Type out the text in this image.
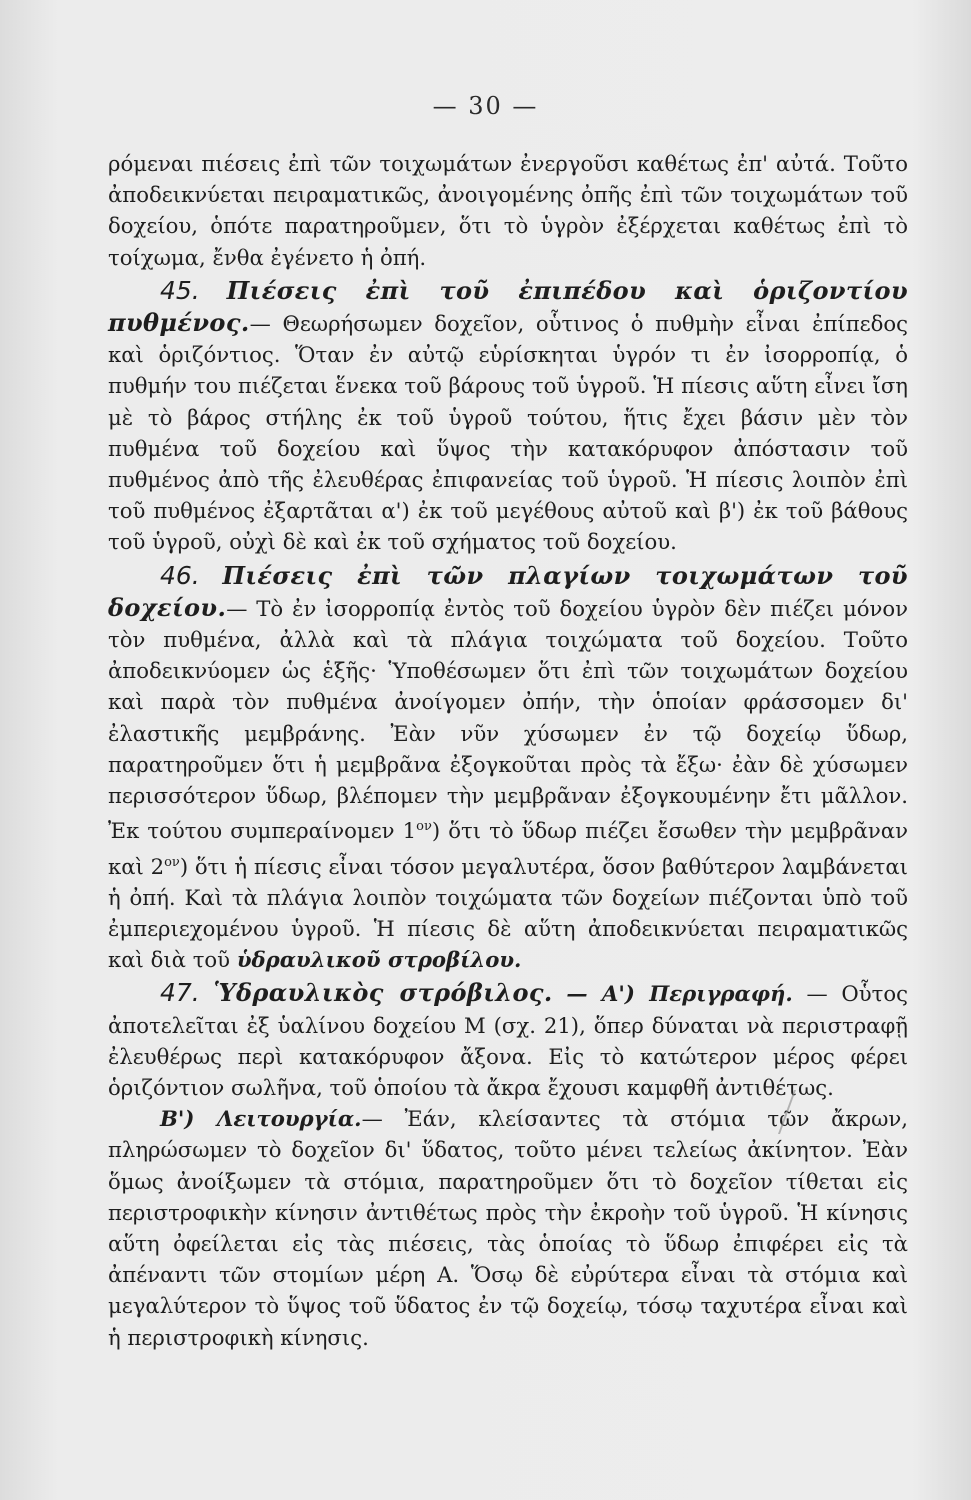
— 30 —

ρόμεναι πιέσεις ἐπὶ τῶν τοιχωμάτων ἐνεργοῦσι καθέτως ἐπ' αὐτά. Τοῦτο ἀποδεικνύεται πειραματικῶς, ἀνοιγομένης ὀπῆς ἐπὶ τῶν τοιχωμάτων τοῦ δοχείου, ὁπότε παρατηροῦμεν, ὅτι τὸ ὑγρὸν ἐξέρχεται καθέτως ἐπὶ τὸ τοίχωμα, ἔνθα ἐγένετο ἡ ὀπή.

45. Πιέσεις ἐπὶ τοῦ ἐπιπέδου καὶ ὁριζοντίου πυθμένος.— Θεωρήσωμεν δοχεῖον, οὗτινος ὁ πυθμὴν εἶναι ἐπίπεδος καὶ ὁριζόντιος. Ὅταν ἐν αὐτῷ εὑρίσκηται ὑγρόν τι ἐν ἰσορροπίᾳ, ὁ πυθμήν του πιέζεται ἕνεκα τοῦ βάρους τοῦ ὑγροῦ. Ἡ πίεσις αὕτη εἶνει ἴση μὲ τὸ βάρος στήλης ἐκ τοῦ ὑγροῦ τούτου, ἥτις ἔχει βάσιν μὲν τὸν πυθμένα τοῦ δοχείου καὶ ὕψος τὴν κατακόρυφον ἀπόστασιν τοῦ πυθμένος ἀπὸ τῆς ἐλευθέρας ἐπιφανείας τοῦ ὑγροῦ. Ἡ πίεσις λοιπὸν ἐπὶ τοῦ πυθμένος ἐξαρτᾶται α') ἐκ τοῦ μεγέθους αὐτοῦ καὶ β') ἐκ τοῦ βάθους τοῦ ὑγροῦ, οὐχὶ δὲ καὶ ἐκ τοῦ σχήματος τοῦ δοχείου.

46. Πιέσεις ἐπὶ τῶν πλαγίων τοιχωμάτων τοῦ δοχείου.— Τὸ ἐν ἰσορροπίᾳ ἐντὸς τοῦ δοχείου ὑγρὸν δὲν πιέζει μόνον τὸν πυθμένα, ἀλλὰ καὶ τὰ πλάγια τοιχώματα τοῦ δοχείου. Τοῦτο ἀποδεικνύομεν ὡς ἑξῆς· Ὑποθέσωμεν ὅτι ἐπὶ τῶν τοιχωμάτων δοχείου καὶ παρὰ τὸν πυθμένα ἀνοίγομεν ὀπήν, τὴν ὁποίαν φράσσομεν δι' ἐλαστικῆς μεμβράνης. Ἐὰν νῦν χύσωμεν ἐν τῷ δοχείῳ ὕδωρ, παρατηροῦμεν ὅτι ἡ μεμβρᾶνα ἐξογκοῦται πρὸς τὰ ἔξω· ἐὰν δὲ χύσωμεν περισσότερον ὕδωρ, βλέπομεν τὴν μεμβρᾶναν ἐξογκουμένην ἔτι μᾶλλον. Ἐκ τούτου συμπεραίνομεν $1^{o\nu}$) ὅτι τὸ ὕδωρ πιέζει ἔσωθεν τὴν μεμβρᾶναν καὶ $2^{o\nu}$) ὅτι ἡ πίεσις εἶναι τόσον μεγαλυτέρα, ὅσον βαθύτερον λαμβάνεται ἡ ὀπή. Καὶ τὰ πλάγια λοιπὸν τοιχώματα τῶν δοχείων πιέζονται ὑπὸ τοῦ ἐμπεριεχομένου ὑγροῦ. Ἡ πίεσις δὲ αὕτη ἀποδεικνύεται πειραματικῶς καὶ διὰ τοῦ ὑδραυλικοῦ στροβίλου.

47. Ὑδραυλικὸς στρόβιλος. — Α') Περιγραφή. — Οὗτος ἀποτελεῖται ἐξ ὑαλίνου δοχείου Μ (σχ. 21), ὅπερ δύναται νὰ περιστραφῇ ἐλευθέρως περὶ κατακόρυφον ἄξονα. Εἰς τὸ κατώτερον μέρος φέρει ὁριζόντιον σωλῆνα, τοῦ ὁποίου τὰ ἄκρα ἔχουσι καμφθῆ ἀντιθέτως.

Β') Λειτουργία.— Ἐάν, κλείσαντες τὰ στόμια τῶν ἄκρων, πληρώσωμεν τὸ δοχεῖον δι' ὕδατος, τοῦτο μένει τελείως ἀκίνητον. Ἐὰν ὅμως ἀνοίξωμεν τὰ στόμια, παρατηροῦμεν ὅτι τὸ δοχεῖον τίθεται εἰς περιστροφικὴν κίνησιν ἀντιθέτως πρὸς τὴν ἐκροὴν τοῦ ὑγροῦ. Ἡ κίνησις αὕτη ὀφείλεται εἰς τὰς πιέσεις, τὰς ὁποίας τὸ ὕδωρ ἐπιφέρει εἰς τὰ ἀπέναντι τῶν στομίων μέρη Α. Ὅσῳ δὲ εὐρύτερα εἶναι τὰ στόμια καὶ μεγαλύτερον τὸ ὕψος τοῦ ὕδατος ἐν τῷ δοχείῳ, τόσῳ ταχυτέρα εἶναι καὶ ἡ περιστροφικὴ κίνησις.
